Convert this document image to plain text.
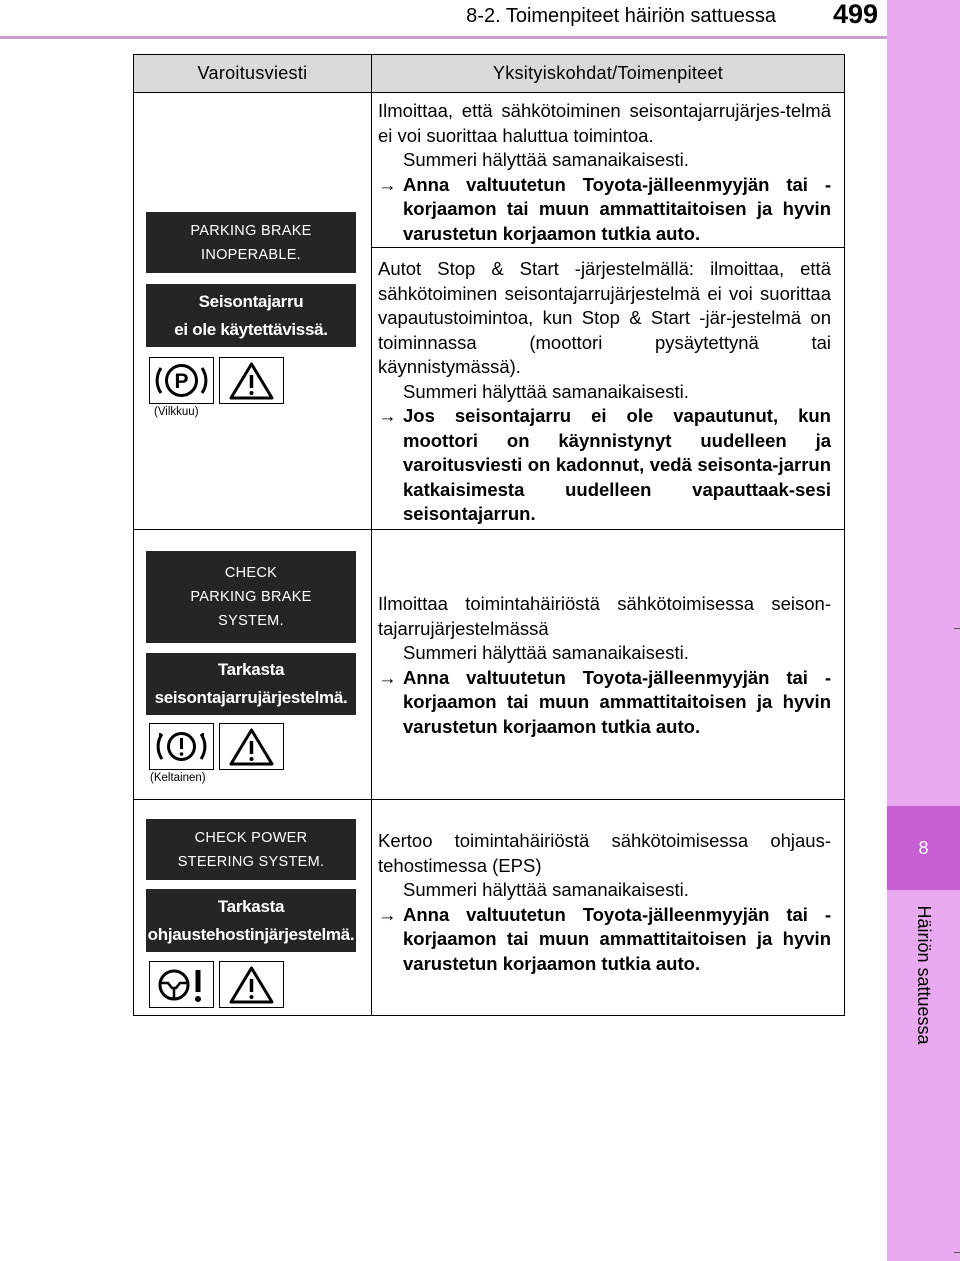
8-2. Toimenpiteet häiriön sattuessa	499
8
Häiriön sattuessa
Varoitusviesti	Yksityiskohdat/Toimenpiteet
PARKING BRAKE
INOPERABLE.
Seisontajarru
ei ole käytettävissä.
P
(Vilkkuu)
CHECK
PARKING BRAKE
SYSTEM.
Tarkasta
seisontajarrujärjestelmä.
(Keltainen)
CHECK POWER
STEERING SYSTEM.
Tarkasta
ohjaustehostinjärjestelmä.

Ilmoittaa, että sähkötoiminen seisontajarrujärjes-telmä ei voi suorittaa haluttua toimintoa.

Summeri hälyttää samanaikaisesti.

→ Anna valtuutetun Toyota-jälleenmyyjän tai -korjaamon tai muun ammattitaitoisen ja hyvin varustetun korjaamon tutkia auto.

Autot Stop & Start -järjestelmällä: ilmoittaa, että sähkötoiminen seisontajarrujärjestelmä ei voi suorittaa vapautustoimintoa, kun Stop & Start -jär-jestelmä on toiminnassa (moottori pysäytettynä tai käynnistymässä).

Summeri hälyttää samanaikaisesti.

→ Jos seisontajarru ei ole vapautunut, kun moottori on käynnistynyt uudelleen ja varoitusviesti on kadonnut, vedä seisonta-jarrun katkaisimesta uudelleen vapauttaak-sesi seisontajarrun.

Ilmoittaa toimintahäiriöstä sähkötoimisessa seison-tajarrujärjestelmässä

Summeri hälyttää samanaikaisesti.

→ Anna valtuutetun Toyota-jälleenmyyjän tai -korjaamon tai muun ammattitaitoisen ja hyvin varustetun korjaamon tutkia auto.

Kertoo toimintahäiriöstä sähkötoimisessa ohjaus-tehostimessa (EPS)

Summeri hälyttää samanaikaisesti.

→ Anna valtuutetun Toyota-jälleenmyyjän tai -korjaamon tai muun ammattitaitoisen ja hyvin varustetun korjaamon tutkia auto.
